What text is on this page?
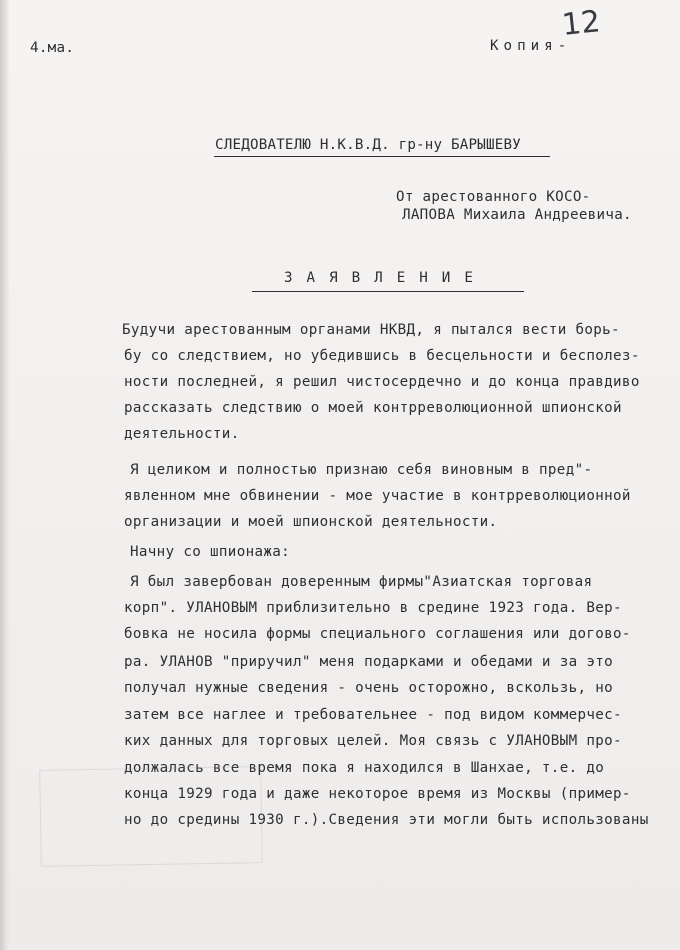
4.ма.	Копия-
12
СЛЕДОВАТЕЛЮ Н.К.В.Д. гр-ну БАРЫШЕВУ
От арестованного КОСО-
ЛАПОВА Михаила Андреевича.
ЗАЯВЛЕНИЕ
Будучи арестованным органами НКВД, я пытался вести борь-
бу со следствием, но убедившись в бесцельности и бесполез-
ности последней, я решил чистосердечно и до конца правдиво
рассказать следствию о моей контрреволюционной шпионской
деятельности.
Я целиком и полностью признаю себя виновным в пред"-
явленном мне обвинении - мое участие в контрреволюционной
организации и моей шпионской деятельности.
Начну со шпионажа:
Я был завербован доверенным фирмы"Азиатская торговая
корп". УЛАНОВЫМ приблизительно в средине 1923 года. Вер-
бовка не носила формы специального соглашения или догово-
ра. УЛАНОВ "приручил" меня подарками и обедами и за это
получал нужные сведения - очень осторожно, вскользь, но
затем все наглее и требовательнее - под видом коммерчес-
ких данных для торговых целей. Моя связь с УЛАНОВЫМ про-
должалась все время пока я находился в Шанхае, т.е. до
конца 1929 года и даже некоторое время из Москвы (пример-
но до средины 1930 г.).Сведения эти могли быть использованы
